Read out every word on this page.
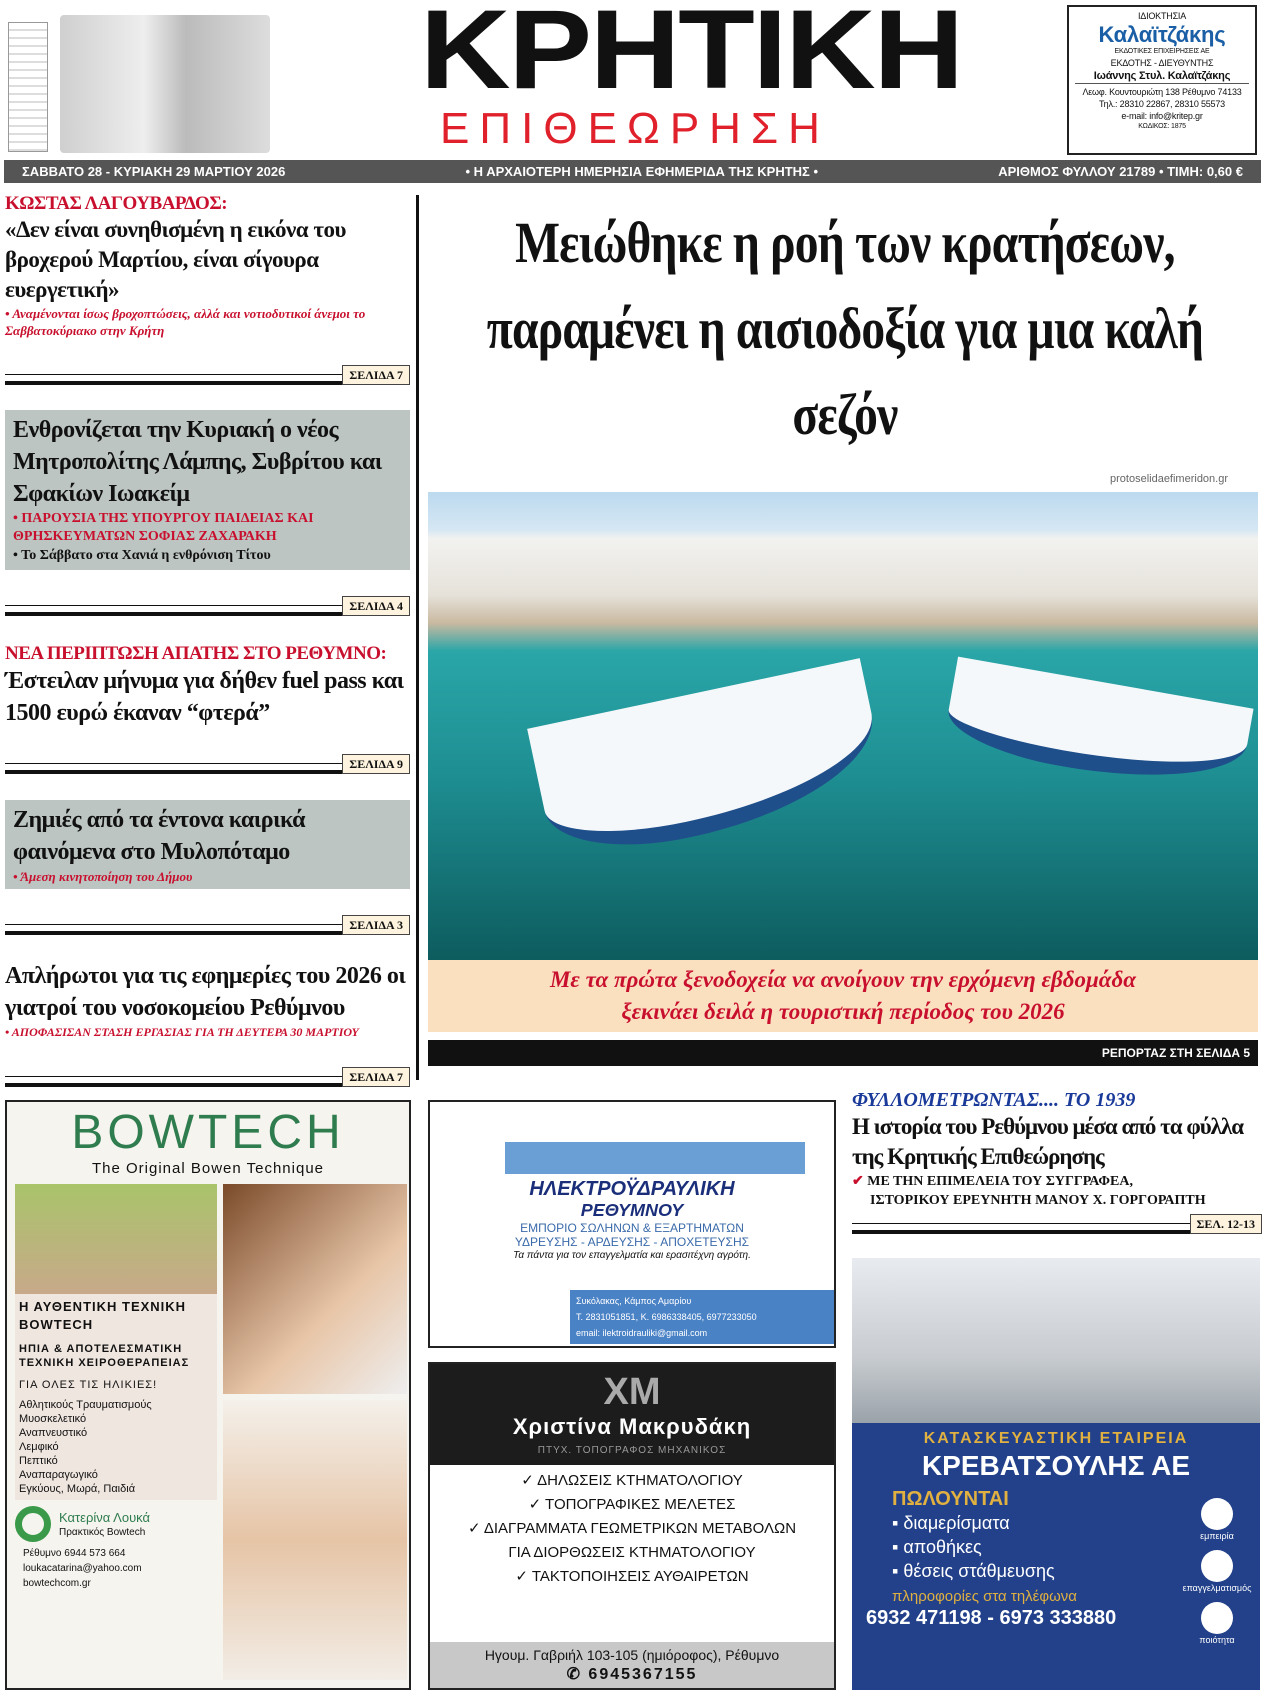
ΚΡΗΤΙΚΗ
ΕΠΙΘΕΩΡΗΣΗ
ΙΔΙΟΚΤΗΣΙΑ
Καλαϊτζάκης
ΕΚΔΟΤΙΚΕΣ ΕΠΙΧΕΙΡΗΣΕΙΣ ΑΕ
ΕΚΔΟΤΗΣ - ΔΙΕΥΘΥΝΤΗΣ
Ιωάννης Στυλ. Καλαϊτζάκης
Λεωφ. Κουντουριώτη 138 Ρέθυμνο 74133
Τηλ.: 28310 22867, 28310 55573
e-mail: info@kritep.gr
ΚΩΔΙΚΟΣ: 1875
ΣΑΒΒΑΤΟ 28 - ΚΥΡΙΑΚΗ 29 ΜΑΡΤΙΟΥ 2026	• Η ΑΡΧΑΙΟΤΕΡΗ ΗΜΕΡΗΣΙΑ ΕΦΗΜΕΡΙΔΑ ΤΗΣ ΚΡΗΤΗΣ •	ΑΡΙΘΜΟΣ ΦΥΛΛΟΥ 21789 • ΤΙΜΗ: 0,60 €
ΚΩΣΤΑΣ ΛΑΓΟΥΒΑΡΔΟΣ:
«Δεν είναι συνηθισμένη η εικόνα του βροχερού Μαρτίου, είναι σίγουρα ευεργετική»
• Αναμένονται ίσως βροχοπτώσεις, αλλά και νοτιοδυτικοί άνεμοι το Σαββατοκύριακο στην Κρήτη
ΣΕΛΙΔΑ 7
Ενθρονίζεται την Κυριακή ο νέος Μητροπολίτης Λάμπης, Συβρίτου και Σφακίων Ιωακείμ
• ΠΑΡΟΥΣΙΑ ΤΗΣ ΥΠΟΥΡΓΟΥ ΠΑΙΔΕΙΑΣ ΚΑΙ ΘΡΗΣΚΕΥΜΑΤΩΝ ΣΟΦΙΑΣ ΖΑΧΑΡΑΚΗ
• Το Σάββατο στα Χανιά η ενθρόνιση Τίτου
ΣΕΛΙΔΑ 4
ΝΕΑ ΠΕΡΙΠΤΩΣΗ ΑΠΑΤΗΣ ΣΤΟ ΡΕΘΥΜΝΟ:
Έστειλαν μήνυμα για δήθεν fuel pass και 1500 ευρώ έκαναν “φτερά”
ΣΕΛΙΔΑ 9
Ζημιές από τα έντονα καιρικά φαινόμενα στο Μυλοπόταμο
• Άμεση κινητοποίηση του Δήμου
ΣΕΛΙΔΑ 3
Απλήρωτοι για τις εφημερίες του 2026 οι γιατροί του νοσοκομείου Ρεθύμνου
• ΑΠΟΦΑΣΙΣΑΝ ΣΤΑΣΗ ΕΡΓΑΣΙΑΣ ΓΙΑ ΤΗ ΔΕΥΤΕΡΑ 30 ΜΑΡΤΙΟΥ
ΣΕΛΙΔΑ 7
Μειώθηκε η ροή των κρατήσεων, παραμένει η αισιοδοξία για μια καλή σεζόν
protoselidaefimeridon.gr
Με τα πρώτα ξενοδοχεία να ανοίγουν την ερχόμενη εβδομάδα
ξεκινάει δειλά η τουριστική περίοδος του 2026
ΡΕΠΟΡΤΑΖ ΣΤΗ ΣΕΛΙΔΑ 5
ΦΥΛΛΟΜΕΤΡΩΝΤΑΣ.... ΤΟ 1939
Η ιστορία του Ρεθύμνου μέσα από τα φύλλα της Κρητικής Επιθεώρησης
✔ ΜΕ ΤΗΝ ΕΠΙΜΕΛΕΙΑ ΤΟΥ ΣΥΓΓΡΑΦΕΑ,
ΙΣΤΟΡΙΚΟΥ ΕΡΕΥΝΗΤΗ ΜΑΝΟΥ Χ. ΓΟΡΓΟΡΑΠΤΗ
ΣΕΛ. 12-13
BOWTECH
The Original Bowen Technique
Η ΑΥΘΕΝΤΙΚΗ ΤΕΧΝΙΚΗ BOWTECH
ΗΠΙΑ & ΑΠΟΤΕΛΕΣΜΑΤΙΚΗ ΤΕΧΝΙΚΗ ΧΕΙΡΟΘΕΡΑΠΕΙΑΣ
ΓΙΑ ΟΛΕΣ ΤΙΣ ΗΛΙΚΙΕΣ!
Αθλητικούς Τραυματισμούς
Μυοσκελετικό
Αναπνευστικό
Λεμφικό
Πεπτικό
Αναπαραγωγικό
Εγκύους, Μωρά, Παιδιά
Κατερίνα Λουκά
Πρακτικός Bowtech
Ρέθυμνο 6944 573 664
loukacatarina@yahoo.com
bowtechcom.gr
ΗΛΕΚΤΡΟΫΔΡΑΥΛΙΚΗ
ΡΕΘΥΜΝΟΥ
ΕΜΠΟΡΙΟ ΣΩΛΗΝΩΝ & ΕΞΑΡΤΗΜΑΤΩΝ
ΥΔΡΕΥΣΗΣ - ΑΡΔΕΥΣΗΣ - ΑΠΟΧΕΤΕΥΣΗΣ
Τα πάντα για τον επαγγελματία και ερασιτέχνη αγρότη.
Συκόλακας, Κάμπος Αμαρίου
Τ. 2831051851, Κ. 6986338405, 6977233050
email: ilektroidrauliki@gmail.com
ΧΜ
Χριστίνα Μακρυδάκη
ΠΤΥΧ. ΤΟΠΟΓΡΑΦΟΣ ΜΗΧΑΝΙΚΟΣ
✓ ΔΗΛΩΣΕΙΣ ΚΤΗΜΑΤΟΛΟΓΙΟΥ
✓ ΤΟΠΟΓΡΑΦΙΚΕΣ ΜΕΛΕΤΕΣ
✓ ΔΙΑΓΡΑΜΜΑΤΑ ΓΕΩΜΕΤΡΙΚΩΝ ΜΕΤΑΒΟΛΩΝ
ΓΙΑ ΔΙΟΡΘΩΣΕΙΣ ΚΤΗΜΑΤΟΛΟΓΙΟΥ
✓ ΤΑΚΤΟΠΟΙΗΣΕΙΣ ΑΥΘΑΙΡΕΤΩΝ
Ηγουμ. Γαβριήλ 103-105 (ημιόροφος), Ρέθυμνο
✆ 6945367155
ΚΑΤΑΣΚΕΥΑΣΤΙΚΗ ΕΤΑΙΡΕΙΑ
ΚΡΕΒΑΤΣΟΥΛΗΣ ΑΕ
ΠΩΛΟΥΝΤΑΙ
▪ διαμερίσματα
▪ αποθήκες
▪ θέσεις στάθμευσης
πληροφορίες στα τηλέφωνα
6932 471198 - 6973 333880
εμπειρία
επαγγελματισμός
ποιότητα
